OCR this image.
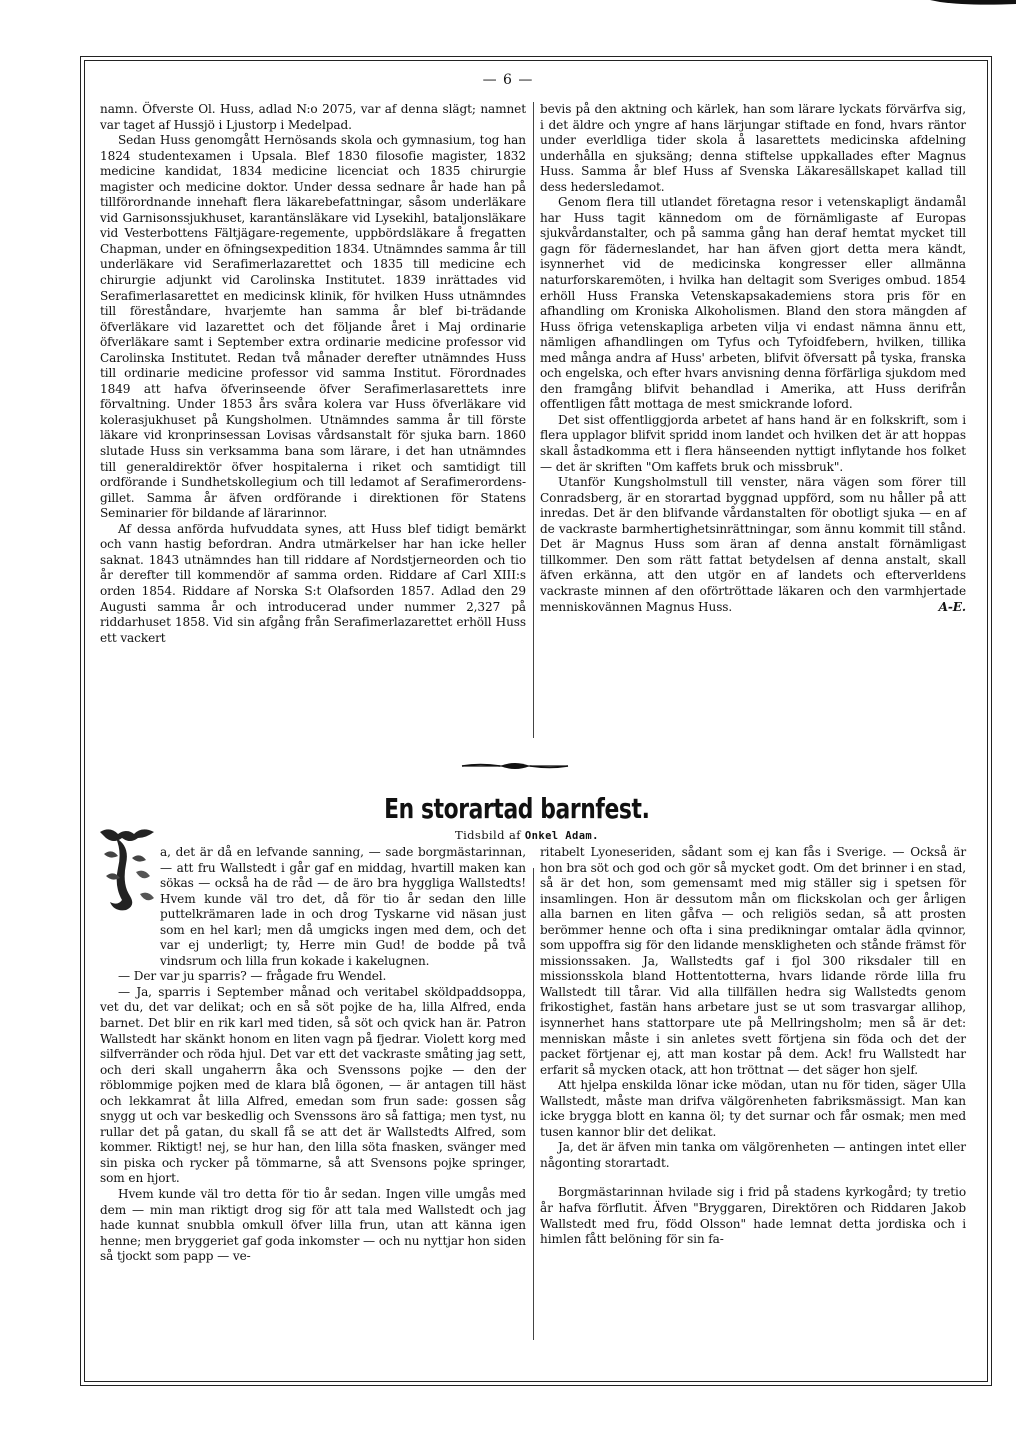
— 6 —

namn. Öfverste Ol. Huss, adlad N:o 2075, var af denna slägt; namnet var taget af Hussjö i Ljustorp i Medelpad.

Sedan Huss genomgått Hernösands skola och gymnasium, tog han 1824 studentexamen i Upsala. Blef 1830 filosofie magister, 1832 medicine kandidat, 1834 medicine licenciat och 1835 chirurgie magister och medicine doktor. Under dessa sednare år hade han på tillförordnande innehaft flera läkarebefattningar, såsom underläkare vid Garnisonssjukhuset, karantänsläkare vid Lysekihl, bataljonsläkare vid Vesterbottens Fältjägare-regemente, uppbördsläkare å fregatten Chapman, under en öfningsexpedition 1834. Utnämndes samma år till underläkare vid Serafimerlazarettet och 1835 till medicine ech chirurgie adjunkt vid Carolinska Institutet. 1839 inrättades vid Serafimerlasarettet en medicinsk klinik, för hvilken Huss utnämndes till föreståndare, hvarjemte han samma år blef bi-trädande öfverläkare vid lazarettet och det följande året i Maj ordinarie öfverläkare samt i September extra ordinarie medicine professor vid Carolinska Institutet. Redan två månader derefter utnämndes Huss till ordinarie medicine professor vid samma Institut. Förordnades 1849 att hafva öfverinseende öfver Serafimerlasarettets inre förvaltning. Under 1853 års svåra kolera var Huss öfverläkare vid kolerasjukhuset på Kungsholmen. Utnämndes samma år till förste läkare vid kronprinsessan Lovisas vårdsanstalt för sjuka barn. 1860 slutade Huss sin verksamma bana som lärare, i det han utnämndes till generaldirektör öfver hospitalerna i riket och samtidigt till ordförande i Sundhetskollegium och till ledamot af Serafimerordens-gillet. Samma år äfven ordförande i direktionen för Statens Seminarier för bildande af lärarinnor.

Af dessa anförda hufvuddata synes, att Huss blef tidigt bemärkt och vann hastig befordran. Andra utmärkelser har han icke heller saknat. 1843 utnämndes han till riddare af Nordstjerneorden och tio år derefter till kommendör af samma orden. Riddare af Carl XIII:s orden 1854. Riddare af Norska S:t Olafsorden 1857. Adlad den 29 Augusti samma år och introducerad under nummer 2,327 på riddarhuset 1858. Vid sin afgång från Serafimerlazarettet erhöll Huss ett vackert

bevis på den aktning och kärlek, han som lärare lyckats förvärfva sig, i det äldre och yngre af hans lärjungar stiftade en fond, hvars räntor under everldliga tider skola å lasarettets medicinska afdelning underhålla en sjuksäng; denna stiftelse uppkallades efter Magnus Huss. Samma år blef Huss af Svenska Läkaresällskapet kallad till dess hedersledamot.

Genom flera till utlandet företagna resor i vetenskapligt ändamål har Huss tagit kännedom om de förnämligaste af Europas sjukvårdanstalter, och på samma gång han deraf hemtat mycket till gagn för fäderneslandet, har han äfven gjort detta mera kändt, isynnerhet vid de medicinska kongresser eller allmänna naturforskaremöten, i hvilka han deltagit som Sveriges ombud. 1854 erhöll Huss Franska Vetenskapsakademiens stora pris för en afhandling om Kroniska Alkoholismen. Bland den stora mängden af Huss öfriga vetenskapliga arbeten vilja vi endast nämna ännu ett, nämligen afhandlingen om Tyfus och Tyfoidfebern, hvilken, tillika med många andra af Huss' arbeten, blifvit öfversatt på tyska, franska och engelska, och efter hvars anvisning denna förfärliga sjukdom med den framgång blifvit behandlad i Amerika, att Huss derifrån offentligen fått mottaga de mest smickrande loford.

Det sist offentliggjorda arbetet af hans hand är en folkskrift, som i flera upplagor blifvit spridd inom landet och hvilken det är att hoppas skall åstadkomma ett i flera hänseenden nyttigt inflytande hos folket — det är skriften "Om kaffets bruk och missbruk".

Utanför Kungsholmstull till venster, nära vägen som förer till Conradsberg, är en storartad byggnad uppförd, som nu håller på att inredas. Det är den blifvande vårdanstalten för obotligt sjuka — en af de vackraste barmhertighetsinrättningar, som ännu kommit till stånd. Det är Magnus Huss som äran af denna anstalt förnämligast tillkommer. Den som rätt fattat betydelsen af denna anstalt, skall äfven erkänna, att den utgör en af landets och efterverldens vackraste minnen af den oförtröttade läkaren och den varmhjertade menniskovännen Magnus Huss.	A-E.

En storartad barnfest.
Tidsbild af Onkel Adam.

a, det är då en lefvande sanning, — sade borgmästarinnan, — att fru Wallstedt i går gaf en middag, hvartill maken kan sökas — också ha de råd — de äro bra hyggliga Wallstedts! Hvem kunde väl tro det, då för tio år sedan den lille puttelkrämaren lade in och drog Tyskarne vid näsan just som en hel karl; men då umgicks ingen med dem, och det var ej underligt; ty, Herre min Gud! de bodde på två vindsrum och lilla frun kokade i kakelugnen.

— Der var ju sparris? — frågade fru Wendel.

— Ja, sparris i September månad och veritabel sköldpaddsoppa, vet du, det var delikat; och en så söt pojke de ha, lilla Alfred, enda barnet. Det blir en rik karl med tiden, så söt och qvick han är. Patron Wallstedt har skänkt honom en liten vagn på fjedrar. Violett korg med silfverränder och röda hjul. Det var ett det vackraste småting jag sett, och deri skall ungaherrn åka och Svenssons pojke — den der röblommige pojken med de klara blå ögonen, — är antagen till häst och lekkamrat åt lilla Alfred, emedan som frun sade: gossen såg snygg ut och var beskedlig och Svenssons äro så fattiga; men tyst, nu rullar det på gatan, du skall få se att det är Wallstedts Alfred, som kommer. Riktigt! nej, se hur han, den lilla söta fnasken, svänger med sin piska och rycker på tömmarne, så att Svensons pojke springer, som en hjort.

Hvem kunde väl tro detta för tio år sedan. Ingen ville umgås med dem — min man riktigt drog sig för att tala med Wallstedt och jag hade kunnat snubbla omkull öfver lilla frun, utan att känna igen henne; men bryggeriet gaf goda inkomster — och nu nyttjar hon siden så tjockt som papp — ve-

ritabelt Lyoneseriden, sådant som ej kan fås i Sverige. — Också är hon bra söt och god och gör så mycket godt. Om det brinner i en stad, så är det hon, som gemensamt med mig ställer sig i spetsen för insamlingen. Hon är dessutom mån om flickskolan och ger årligen alla barnen en liten gåfva — och religiös sedan, så att prosten berömmer henne och ofta i sina predikningar omtalar ädla qvinnor, som uppoffra sig för den lidande menskligheten och stånde främst för missionssaken. Ja, Wallstedts gaf i fjol 300 riksdaler till en missionsskola bland Hottentotterna, hvars lidande rörde lilla fru Wallstedt till tårar. Vid alla tillfällen hedra sig Wallstedts genom frikostighet, fastän hans arbetare just se ut som trasvargar allihop, isynnerhet hans stattorpare ute på Mellringsholm; men så är det: menniskan måste i sin anletes svett förtjena sin föda och det der packet förtjenar ej, att man kostar på dem. Ack! fru Wallstedt har erfarit så mycken otack, att hon tröttnat — det säger hon sjelf.

Att hjelpa enskilda lönar icke mödan, utan nu för tiden, säger Ulla Wallstedt, måste man drifva välgörenheten fabriksmässigt. Man kan icke brygga blott en kanna öl; ty det surnar och får osmak; men med tusen kannor blir det delikat.

Ja, det är äfven min tanka om välgörenheten — antingen intet eller någonting storartadt.

Borgmästarinnan hvilade sig i frid på stadens kyrkogård; ty tretio år hafva förflutit. Äfven "Bryggaren, Direktören och Riddaren Jakob Wallstedt med fru, född Olsson" hade lemnat detta jordiska och i himlen fått belöning för sin fa-
